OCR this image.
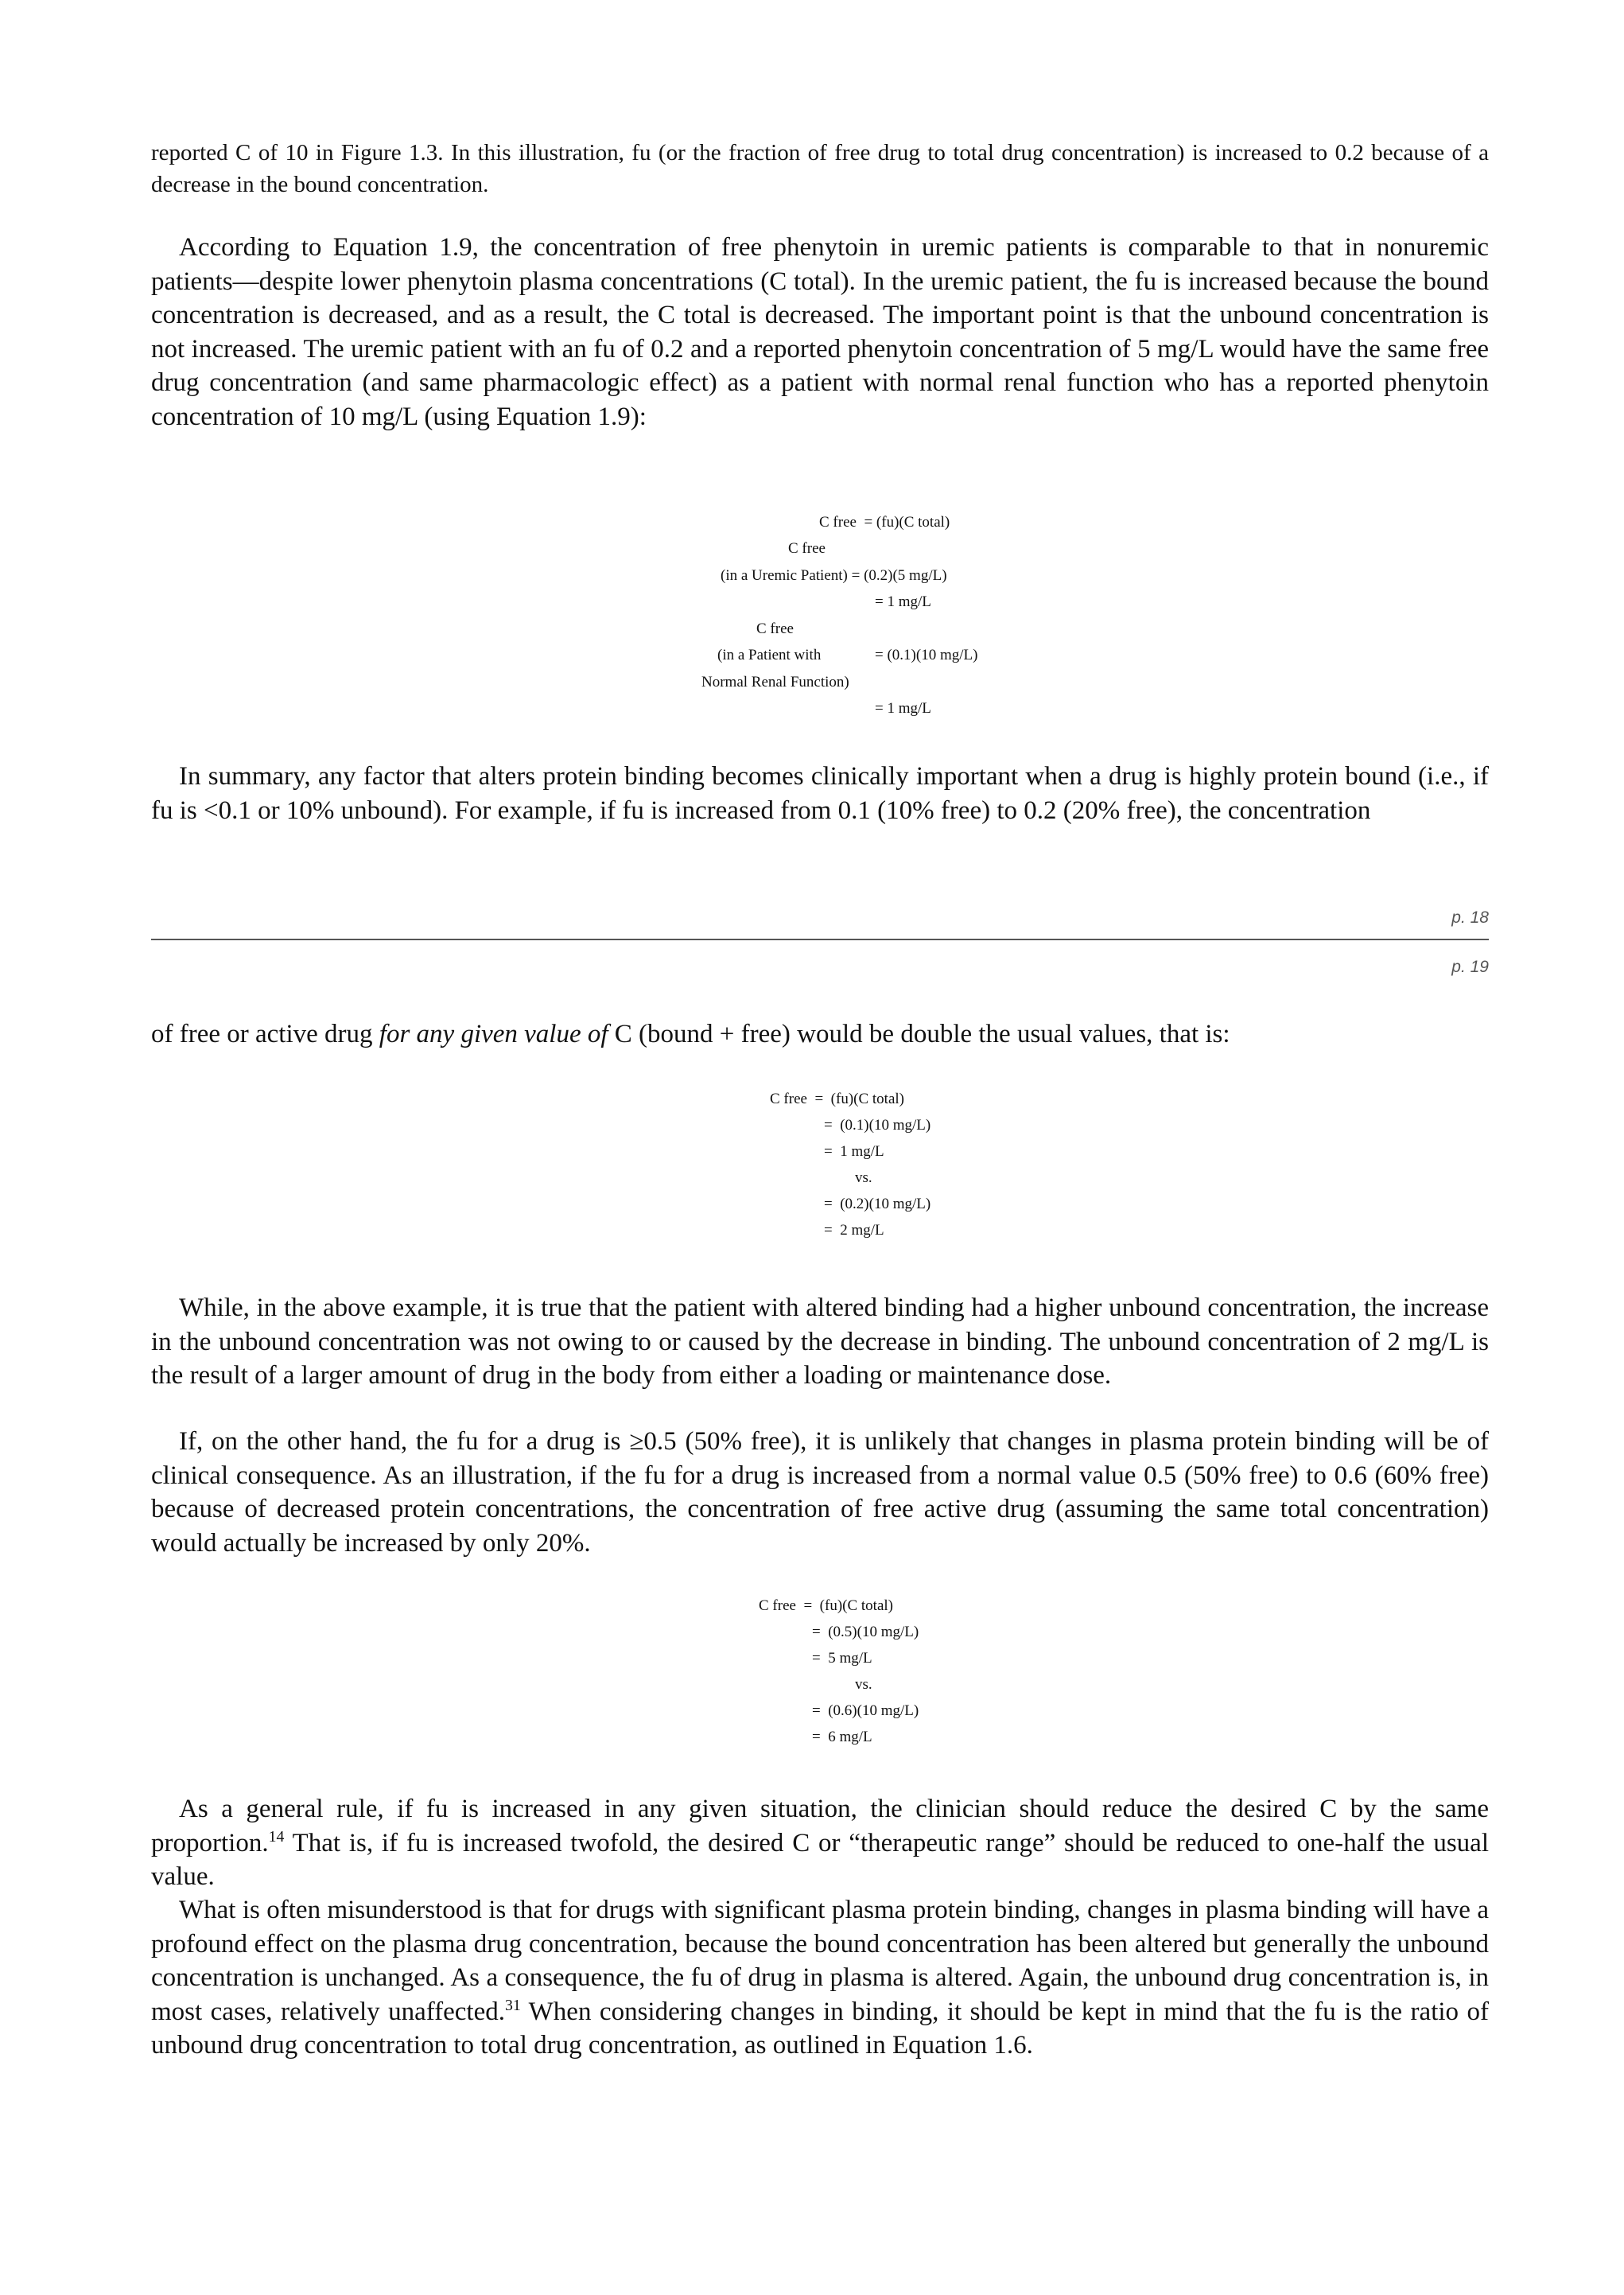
reported C of 10 in Figure 1.3. In this illustration, fu (or the fraction of free drug to total drug concentration) is increased to 0.2 because of a decrease in the bound concentration.

According to Equation 1.9, the concentration of free phenytoin in uremic patients is comparable to that in nonuremic patients—despite lower phenytoin plasma concentrations (C total). In the uremic patient, the fu is increased because the bound concentration is decreased, and as a result, the C total is decreased. The important point is that the unbound concentration is not increased. The uremic patient with an fu of 0.2 and a reported phenytoin concentration of 5 mg/L would have the same free drug concentration (and same pharmacologic effect) as a patient with normal renal function who has a reported phenytoin concentration of 10 mg/L (using Equation 1.9):

C free  = (fu)(C total)
C free
(in a Uremic Patient) = (0.2)(5 mg/L)
= 1 mg/L
C free
(in a Patient with	= (0.1)(10 mg/L)
Normal Renal Function)
= 1 mg/L

In summary, any factor that alters protein binding becomes clinically important when a drug is highly protein bound (i.e., if fu is <0.1 or 10% unbound). For example, if fu is increased from 0.1 (10% free) to 0.2 (20% free), the concentration

p. 18
p. 19

of free or active drug for any given value of C (bound + free) would be double the usual values, that is:

C free  =  (fu)(C total)
=  (0.1)(10 mg/L)
=  1 mg/L
vs.
=  (0.2)(10 mg/L)
=  2 mg/L

While, in the above example, it is true that the patient with altered binding had a higher unbound concentration, the increase in the unbound concentration was not owing to or caused by the decrease in binding. The unbound concentration of 2 mg/L is the result of a larger amount of drug in the body from either a loading or maintenance dose.

If, on the other hand, the fu for a drug is ≥0.5 (50% free), it is unlikely that changes in plasma protein binding will be of clinical consequence. As an illustration, if the fu for a drug is increased from a normal value 0.5 (50% free) to 0.6 (60% free) because of decreased protein concentrations, the concentration of free active drug (assuming the same total concentration) would actually be increased by only 20%.

C free  =  (fu)(C total)
=  (0.5)(10 mg/L)
=  5 mg/L
vs.
=  (0.6)(10 mg/L)
=  6 mg/L

As a general rule, if fu is increased in any given situation, the clinician should reduce the desired C by the same proportion.$^{14}$ That is, if fu is increased twofold, the desired C or “therapeutic range” should be reduced to one-half the usual value.

What is often misunderstood is that for drugs with significant plasma protein binding, changes in plasma binding will have a profound effect on the plasma drug concentration, because the bound concentration has been altered but generally the unbound concentration is unchanged. As a consequence, the fu of drug in plasma is altered. Again, the unbound drug concentration is, in most cases, relatively unaffected.$^{31}$ When considering changes in binding, it should be kept in mind that the fu is the ratio of unbound drug concentration to total drug concentration, as outlined in Equation 1.6.
